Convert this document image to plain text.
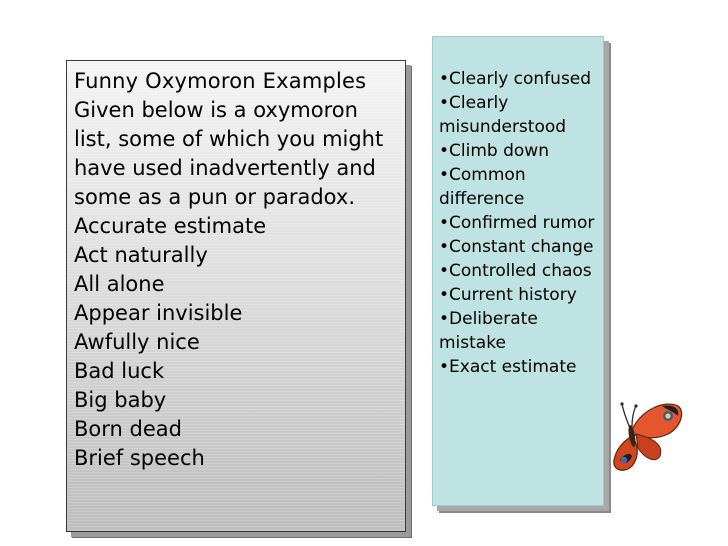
Funny Oxymoron Examples

Given below is a oxymoron list, some of which you might have used inadvertently and some as a pun or paradox. Accurate estimate

Act naturally

All alone

Appear invisible

Awfully nice

Bad luck

Big baby

Born dead

Brief speech

•Clearly confused

•Clearly misunderstood

•Climb down

•Common difference

•Confirmed rumor

•Constant change

•Controlled chaos

•Current history

•Deliberate mistake

•Exact estimate
